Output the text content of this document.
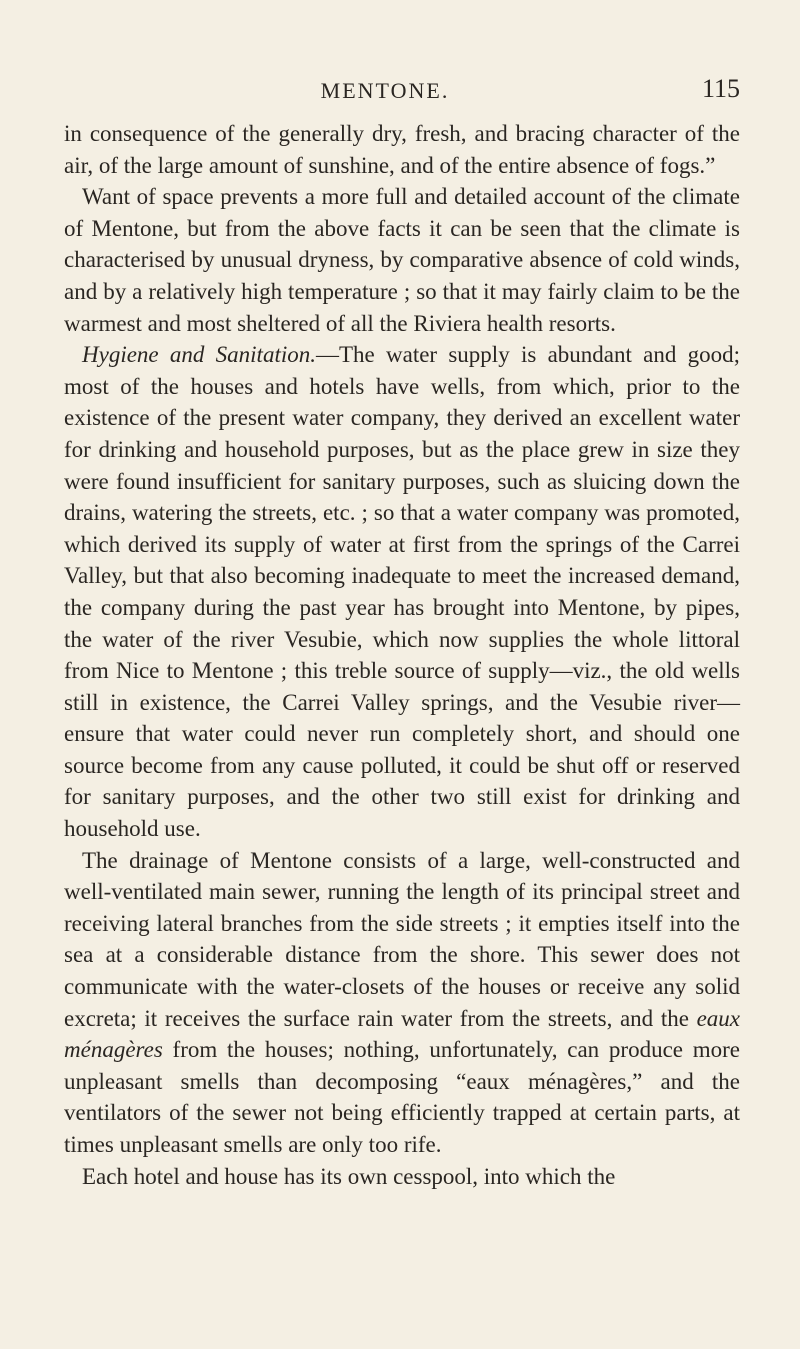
MENTONE.	115

in consequence of the generally dry, fresh, and bracing character of the air, of the large amount of sunshine, and of the entire absence of fogs.”

Want of space prevents a more full and detailed account of the climate of Mentone, but from the above facts it can be seen that the climate is characterised by unusual dryness, by comparative absence of cold winds, and by a relatively high temperature ; so that it may fairly claim to be the warmest and most sheltered of all the Riviera health resorts.

Hygiene and Sanitation.—The water supply is abundant and good; most of the houses and hotels have wells, from which, prior to the existence of the present water company, they derived an excellent water for drinking and household purposes, but as the place grew in size they were found insufficient for sanitary purposes, such as sluicing down the drains, watering the streets, etc. ; so that a water company was promoted, which derived its supply of water at first from the springs of the Carrei Valley, but that also becoming inadequate to meet the increased demand, the company during the past year has brought into Mentone, by pipes, the water of the river Vesubie, which now supplies the whole littoral from Nice to Mentone ; this treble source of supply—viz., the old wells still in existence, the Carrei Valley springs, and the Vesubie river—ensure that water could never run completely short, and should one source become from any cause polluted, it could be shut off or reserved for sanitary purposes, and the other two still exist for drinking and household use.

The drainage of Mentone consists of a large, well-constructed and well-ventilated main sewer, running the length of its principal street and receiving lateral branches from the side streets ; it empties itself into the sea at a considerable distance from the shore. This sewer does not communicate with the water-closets of the houses or receive any solid excreta; it receives the surface rain water from the streets, and the eaux ménagères from the houses; nothing, unfortunately, can produce more unpleasant smells than decomposing “eaux ménagères,” and the ventilators of the sewer not being efficiently trapped at certain parts, at times unpleasant smells are only too rife.

Each hotel and house has its own cesspool, into which the
